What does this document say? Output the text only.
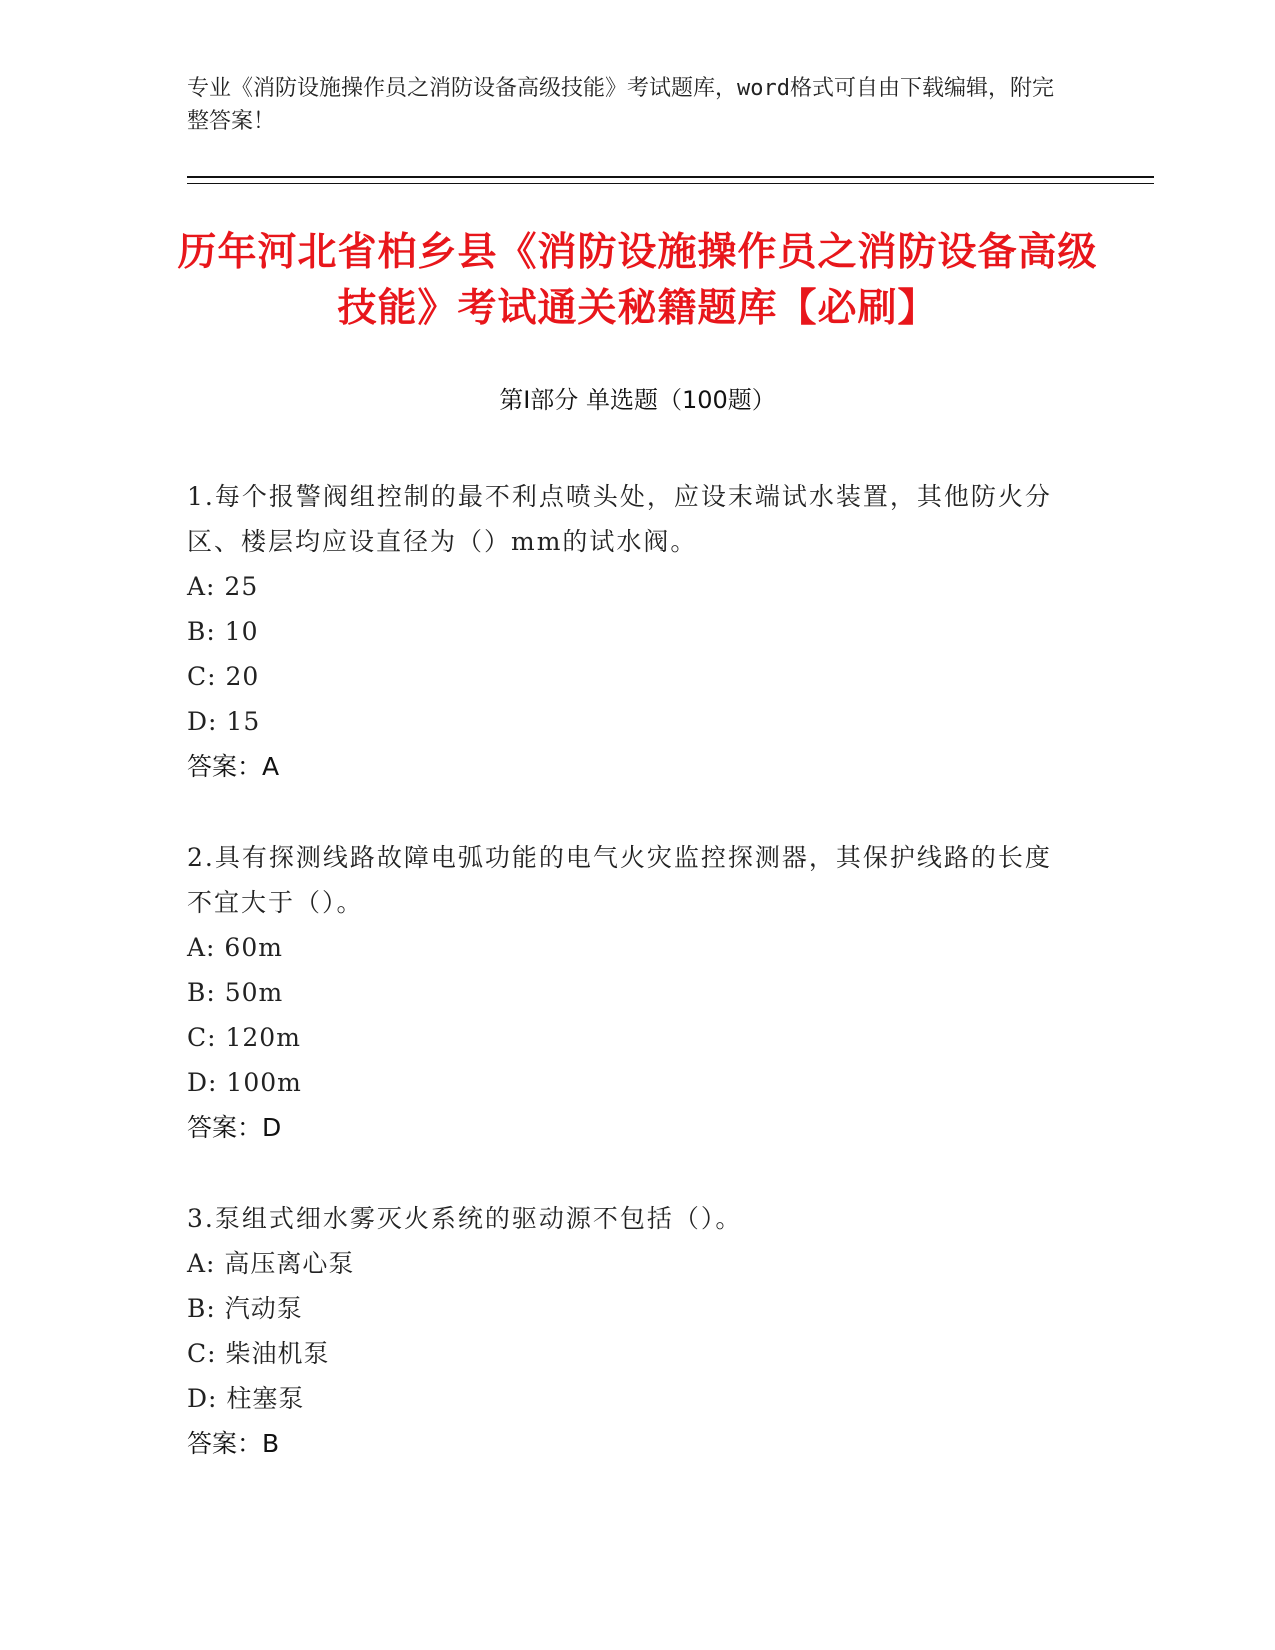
专业《消防设施操作员之消防设备高级技能》考试题库，word格式可自由下载编辑，附完整答案！
历年河北省柏乡县《消防设施操作员之消防设备高级技能》考试通关秘籍题库【必刷】
第I部分 单选题（100题）
1.每个报警阀组控制的最不利点喷头处，应设末端试水装置，其他防火分区、楼层均应设直径为（）mm的试水阀。
A: 25
B: 10
C: 20
D: 15
答案：A
2.具有探测线路故障电弧功能的电气火灾监控探测器，其保护线路的长度不宜大于（）。
A: 60m
B: 50m
C: 120m
D: 100m
答案：D
3.泵组式细水雾灭火系统的驱动源不包括（）。
A: 高压离心泵
B: 汽动泵
C: 柴油机泵
D: 柱塞泵
答案：B
